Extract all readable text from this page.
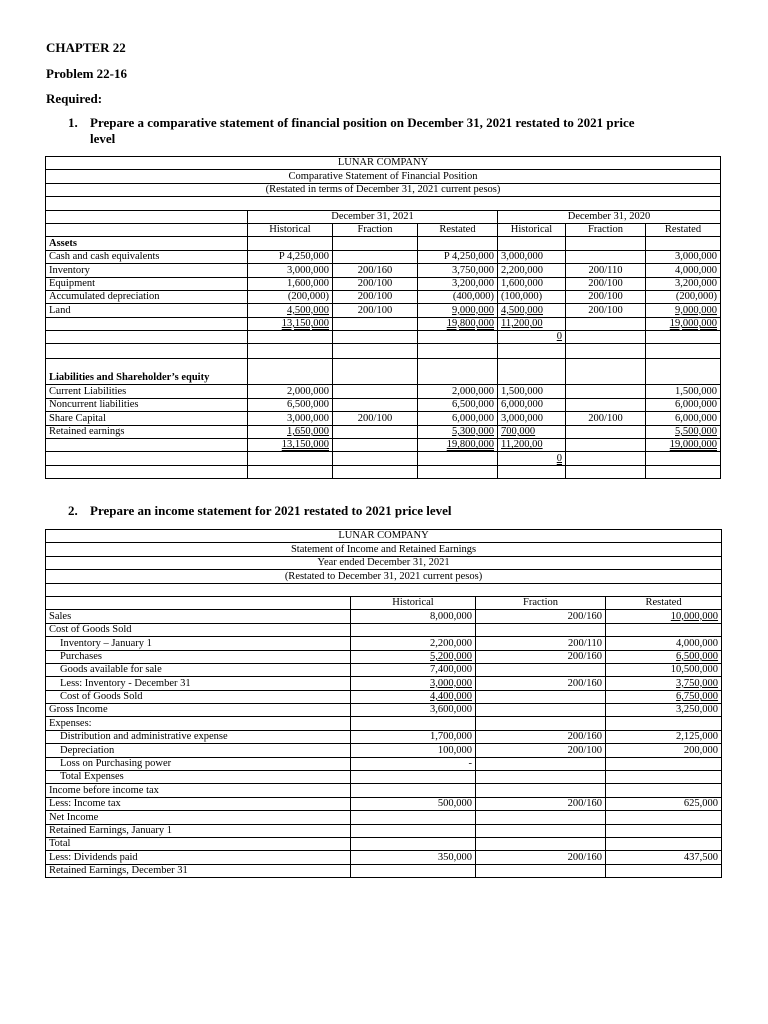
CHAPTER 22
Problem 22-16
Required:
1. Prepare a comparative statement of financial position on December 31, 2021 restated to 2021 price
level
LUNAR COMPANY						
Comparative Statement of Financial Position						
(Restated in terms of December 31, 2021 current pesos)						

	December 31, 2021			December 31, 2020		
	Historical	Fraction	Restated	Historical	Fraction	Restated
Assets						
Cash and cash equivalents	P 4,250,000		P 4,250,000	3,000,000		3,000,000
Inventory	3,000,000	200/160	3,750,000	2,200,000	200/110	4,000,000
Equipment	1,600,000	200/100	3,200,000	1,600,000	200/100	3,200,000
Accumulated depreciation	(200,000)	200/100	(400,000)	(100,000)	200/100	(200,000)
Land	4,500,000	200/100	9,000,000	4,500,000	200/100	9,000,000
	13,150,000		19,800,000	11,200,00		19,000,000
				0		

Liabilities and Shareholder’s equity						
Current Liabilities	2,000,000		2,000,000	1,500,000		1,500,000
Noncurrent liabilities	6,500,000		6,500,000	6,000,000		6,000,000
Share Capital	3,000,000	200/100	6,000,000	3,000,000	200/100	6,000,000
Retained earnings	1,650,000		5,300,000	700,000		5,500,000
	13,150,000		19,800,000	11,200,00		19,000,000
				0		

2. Prepare an income statement for 2021 restated to 2021 price level
LUNAR COMPANY			
Statement of Income and Retained Earnings			
Year ended December 31, 2021			
(Restated to December 31, 2021 current pesos)			

	Historical	Fraction	Restated
Sales	8,000,000	200/160	10,000,000
Cost of Goods Sold			
Inventory – January 1	2,200,000	200/110	4,000,000
Purchases	5,200,000	200/160	6,500,000
Goods available for sale	7,400,000		10,500,000
Less: Inventory - December 31	3,000,000	200/160	3,750,000
Cost of Goods Sold	4,400,000		6,750,000
Gross Income	3,600,000		3,250,000
Expenses:			
Distribution and administrative expense	1,700,000	200/160	2,125,000
Depreciation	100,000	200/100	200,000
Loss on Purchasing power	-		
Total Expenses			
Income before income tax			
Less: Income tax	500,000	200/160	625,000
Net Income			
Retained Earnings, January 1			
Total			
Less: Dividends paid	350,000	200/160	437,500
Retained Earnings, December 31			
